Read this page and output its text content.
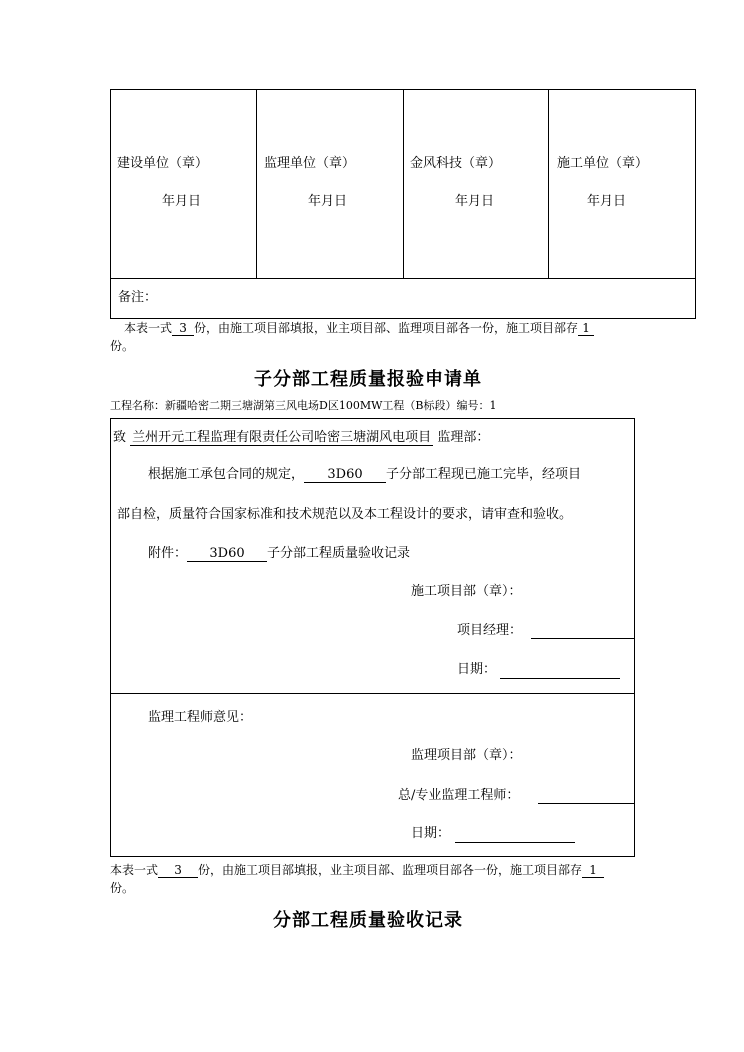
建设单位（章）
年月日
监理单位（章）
年月日
金风科技（章）
年月日
施工单位（章）
年月日
备注：
本表一式 3 份，由施工项目部填报，业主项目部、监理项目部各一份，施工项目部存 1
份。
子分部工程质量报验申请单
工程名称：新疆哈密二期三塘湖第三风电场D区100MW工程（B标段）编号：1
致 兰州开元工程监理有限责任公司哈密三塘湖风电项目 监理部：
根据施工承包合同的规定， 3D60 子分部工程现已施工完毕，经项目
部自检，质量符合国家标准和技术规范以及本工程设计的要求，请审查和验收。
附件： 3D60 子分部工程质量验收记录
施工项目部（章）：
项目经理：
日期：
监理工程师意见：
监理项目部（章）：
总/专业监理工程师：
日期：
本表一式 3 份，由施工项目部填报，业主项目部、监理项目部各一份，施工项目部存 1
份。
分部工程质量验收记录
